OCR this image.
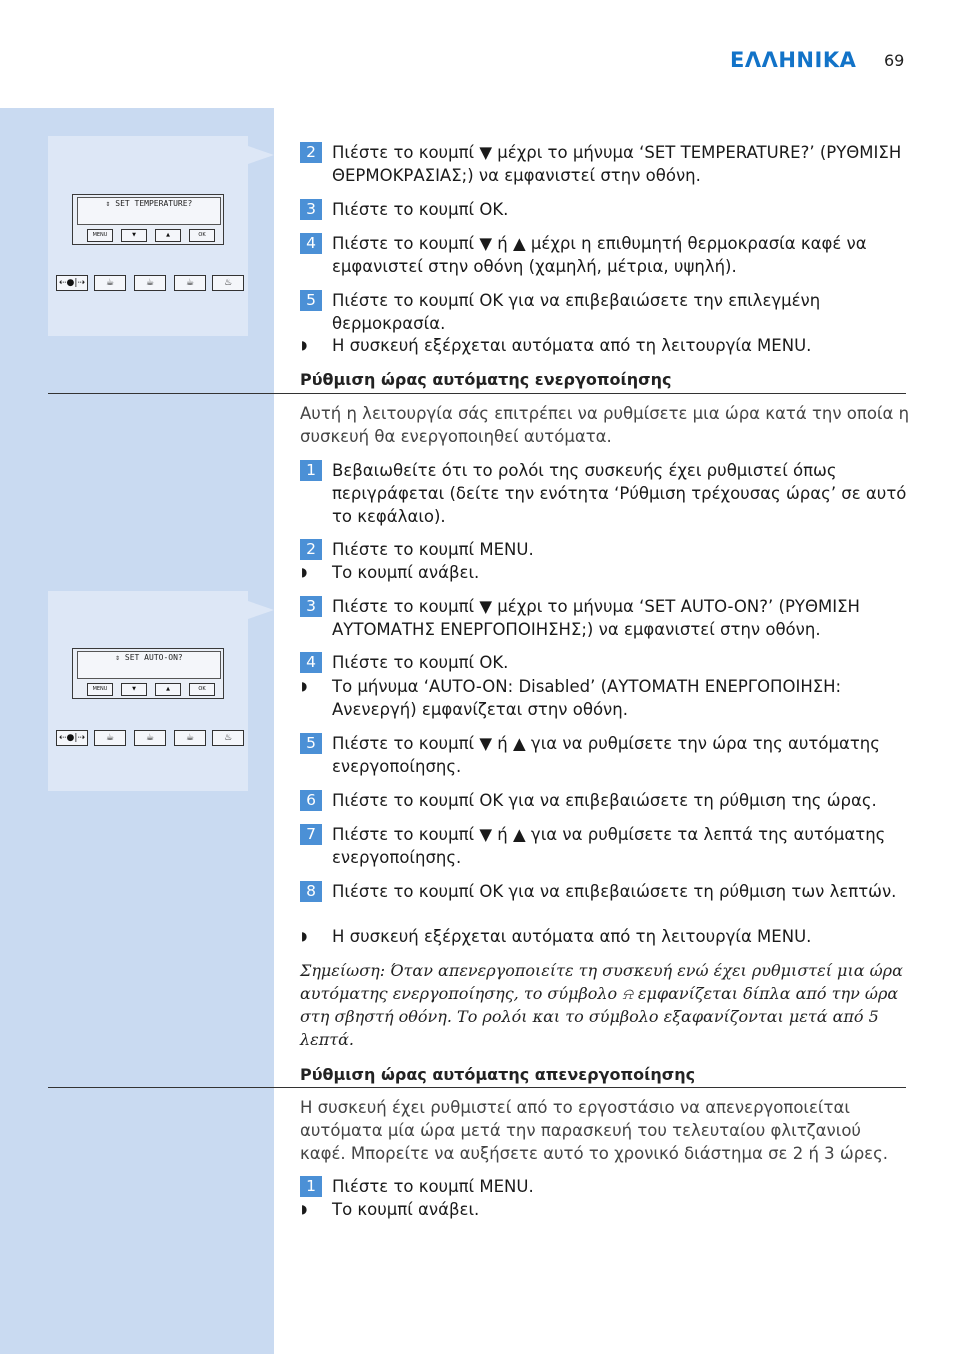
ΕΛΛΗΝΙΚΑ 69
⇕ SET TEMPERATURE?
MENU	▼	▲	OK
⇠●|⇢	☕	☕	☕	♨
⇕ SET AUTO-ON?
MENU	▼	▲	OK
⇠●|⇢	☕	☕	☕	♨
2 Πιέστε το κουμπί ▼ μέχρι το μήνυμα ‘SET TEMPERATURE?’ (ΡΥΘΜΙΣΗ ΘΕΡΜΟΚΡΑΣΙΑΣ;) να εμφανιστεί στην οθόνη.
3 Πιέστε το κουμπί OK.
4 Πιέστε το κουμπί ▼ ή ▲ μέχρι η επιθυμητή θερμοκρασία καφέ να εμφανιστεί στην οθόνη (χαμηλή, μέτρια, υψηλή).
5 Πιέστε το κουμπί OK για να επιβεβαιώσετε την επιλεγμένη θερμοκρασία.
◗ Η συσκευή εξέρχεται αυτόματα από τη λειτουργία MENU.
Ρύθμιση ώρας αυτόματης ενεργοποίησης
Αυτή η λειτουργία σάς επιτρέπει να ρυθμίσετε μια ώρα κατά την οποία η συσκευή θα ενεργοποιηθεί αυτόματα.
1 Βεβαιωθείτε ότι το ρολόι της συσκευής έχει ρυθμιστεί όπως περιγράφεται (δείτε την ενότητα ‘Ρύθμιση τρέχουσας ώρας’ σε αυτό το κεφάλαιο).
2 Πιέστε το κουμπί MENU.
◗ Το κουμπί ανάβει.
3 Πιέστε το κουμπί ▼ μέχρι το μήνυμα ‘SET AUTO-ON?’ (ΡΥΘΜΙΣΗ ΑΥΤΟΜΑΤΗΣ ΕΝΕΡΓΟΠΟΙΗΣΗΣ;) να εμφανιστεί στην οθόνη.
4 Πιέστε το κουμπί OK.
◗ Το μήνυμα ‘AUTO-ON: Disabled’ (ΑΥΤΟΜΑΤΗ ΕΝΕΡΓΟΠΟΙΗΣΗ: Ανενεργή) εμφανίζεται στην οθόνη.
5 Πιέστε το κουμπί ▼ ή ▲ για να ρυθμίσετε την ώρα της αυτόματης ενεργοποίησης.
6 Πιέστε το κουμπί OK για να επιβεβαιώσετε τη ρύθμιση της ώρας.
7 Πιέστε το κουμπί ▼ ή ▲ για να ρυθμίσετε τα λεπτά της αυτόματης ενεργοποίησης.
8 Πιέστε το κουμπί OK για να επιβεβαιώσετε τη ρύθμιση των λεπτών.
◗ Η συσκευή εξέρχεται αυτόματα από τη λειτουργία MENU.
Σημείωση: Όταν απενεργοποιείτε τη συσκευή ενώ έχει ρυθμιστεί μια ώρα αυτόματης ενεργοποίησης, το σύμβολο ⍾ εμφανίζεται δίπλα από την ώρα στη σβηστή οθόνη. Το ρολόι και το σύμβολο εξαφανίζονται μετά από 5 λεπτά.
Ρύθμιση ώρας αυτόματης απενεργοποίησης
Η συσκευή έχει ρυθμιστεί από το εργοστάσιο να απενεργοποιείται αυτόματα μία ώρα μετά την παρασκευή του τελευταίου φλιτζανιού καφέ. Μπορείτε να αυξήσετε αυτό το χρονικό διάστημα σε 2 ή 3 ώρες.
1 Πιέστε το κουμπί MENU.
◗ Το κουμπί ανάβει.
